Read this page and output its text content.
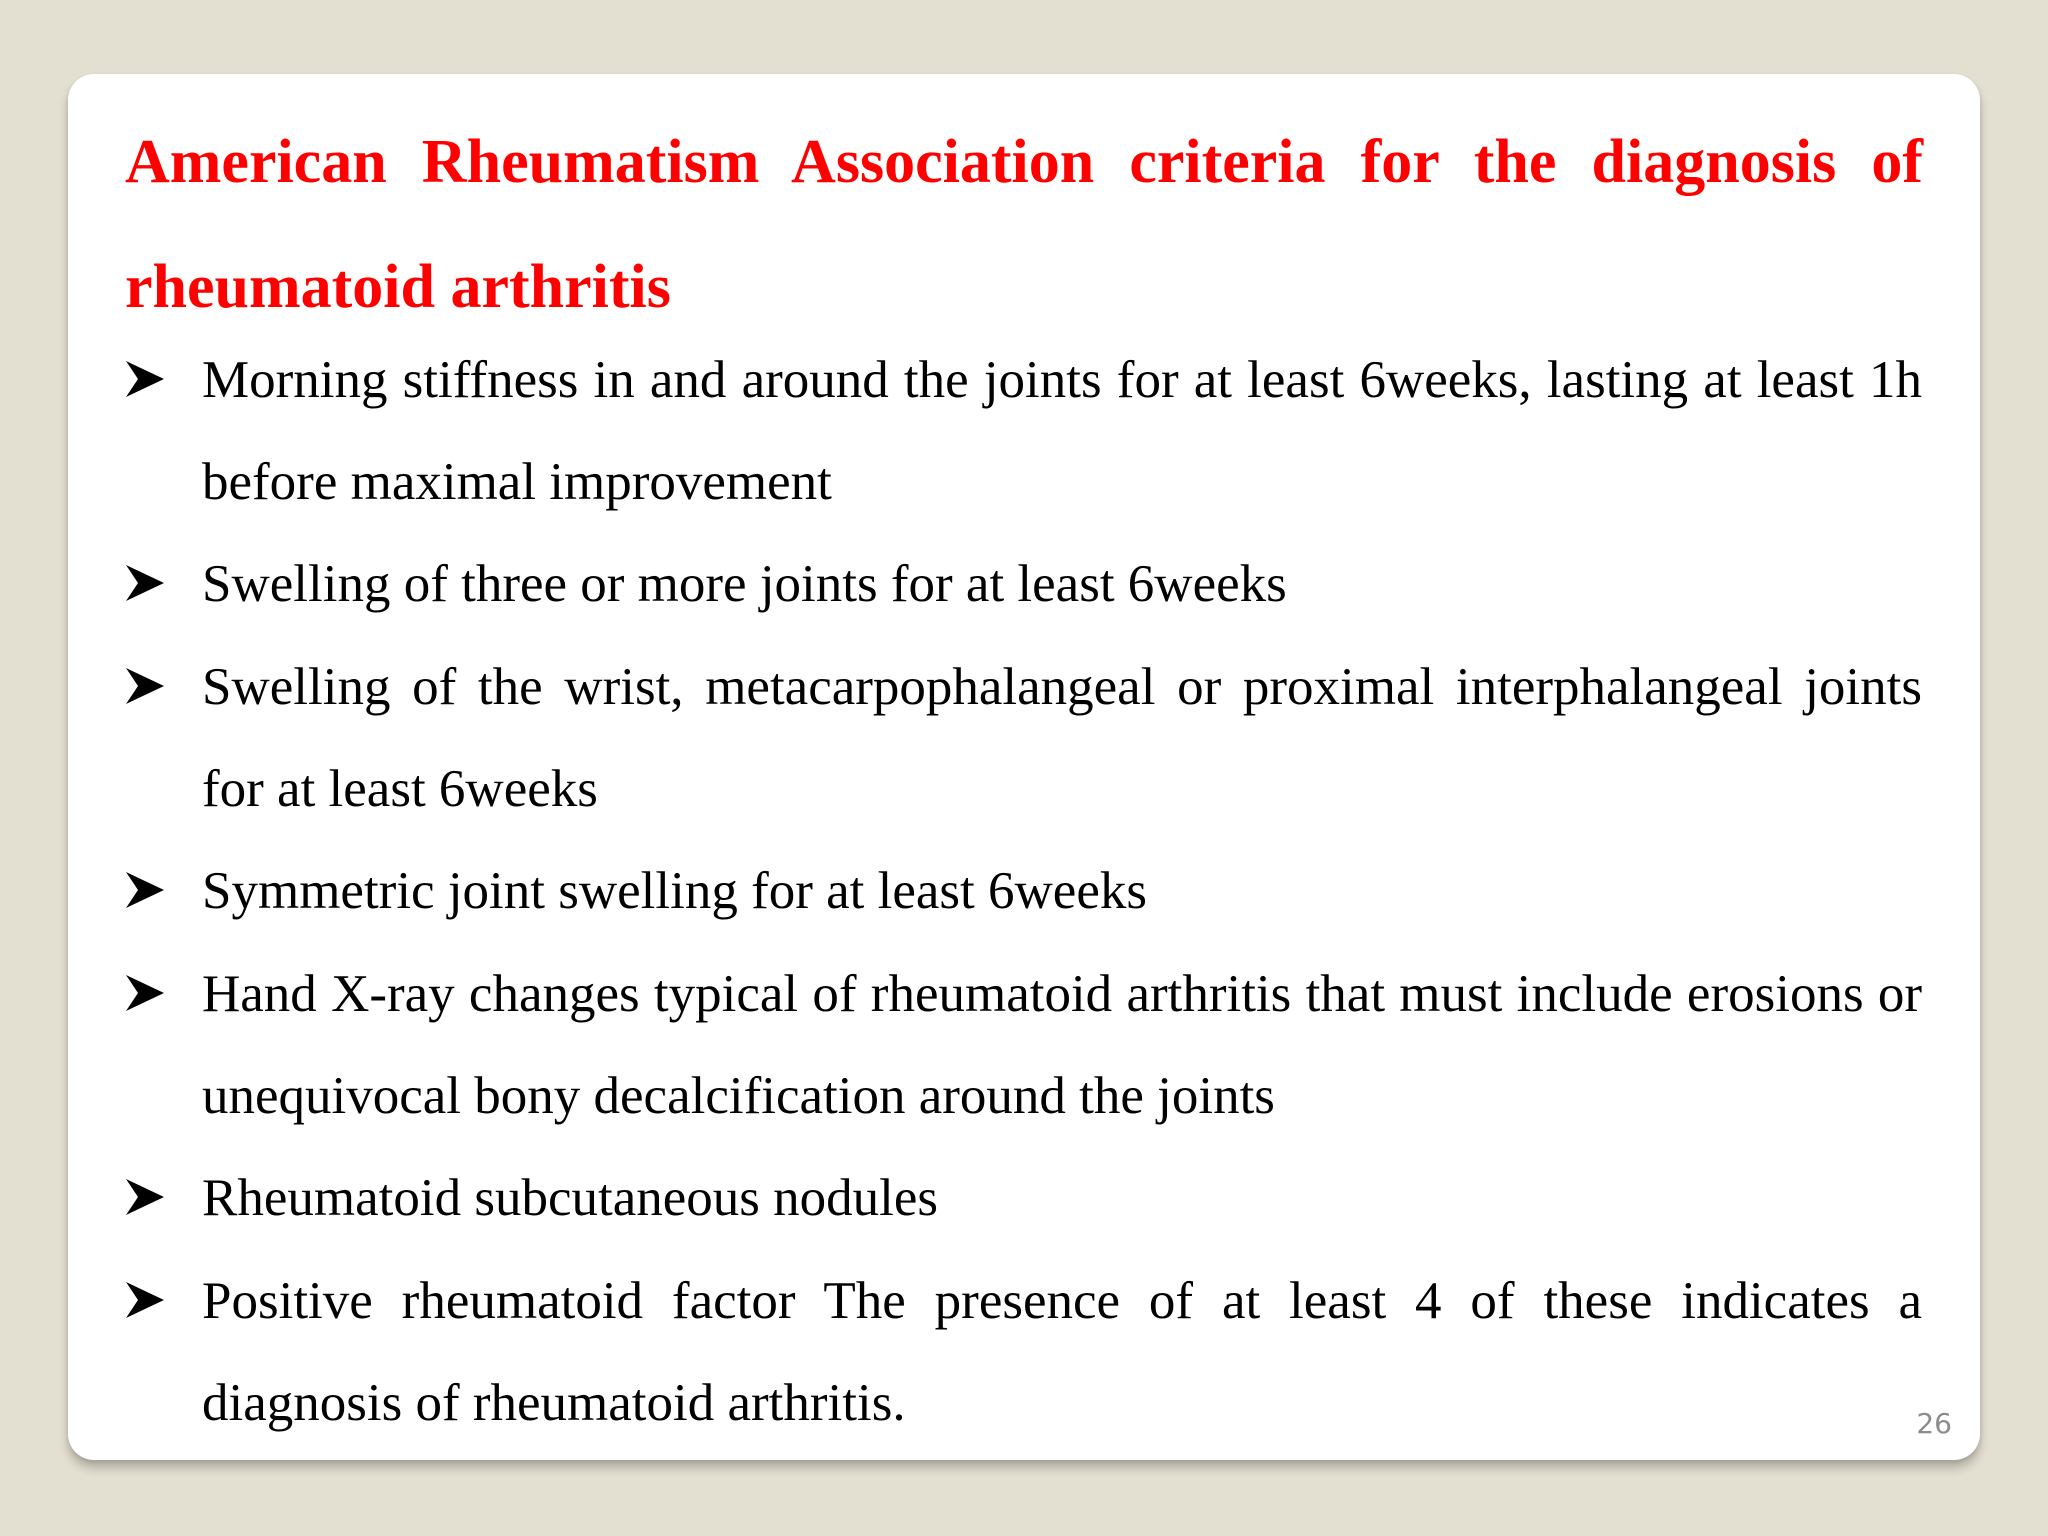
American Rheumatism Association criteria for the diagnosis of rheumatoid arthritis

Morning stiffness in and around the joints for at least 6weeks, lasting at least 1h before maximal improvement

Swelling of three or more joints for at least 6weeks

Swelling of the wrist, metacarpophalangeal or proximal interphalangeal joints for at least 6weeks

Symmetric joint swelling for at least 6weeks

Hand X-ray changes typical of rheumatoid arthritis that must include erosions or unequivocal bony decalcification around the joints

Rheumatoid subcutaneous nodules

Positive rheumatoid factor The presence of at least 4 of these indicates a diagnosis of rheumatoid arthritis.	26
